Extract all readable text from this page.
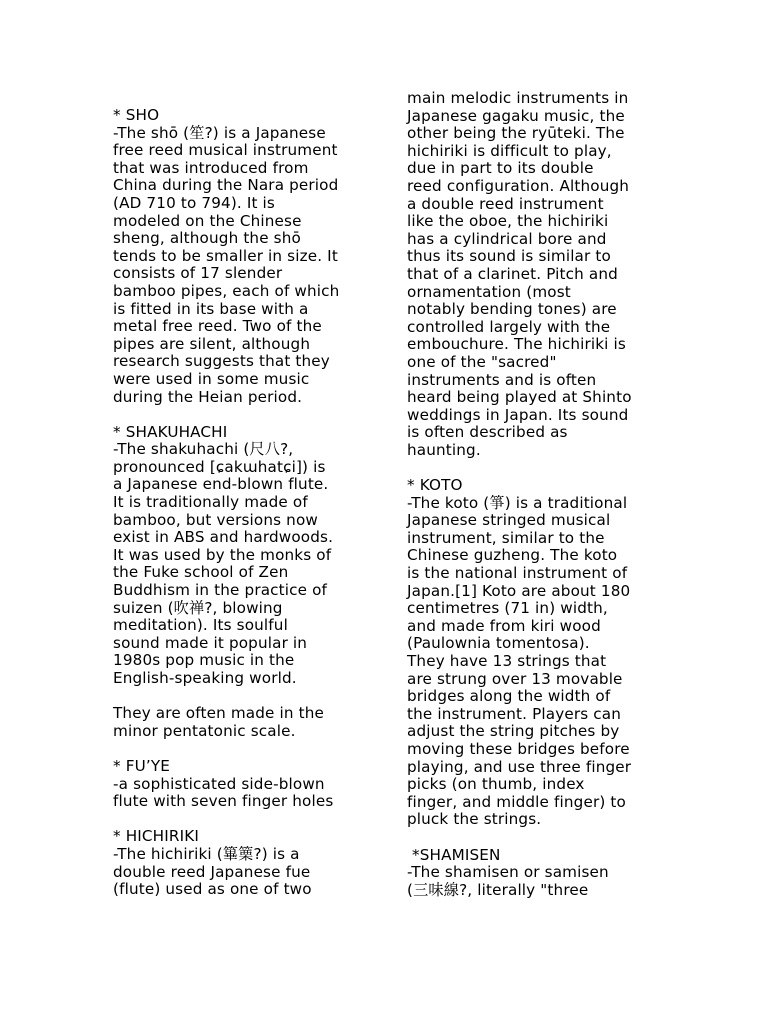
* SHO
-The shō (笙?) is a Japanese
free reed musical instrument
that was introduced from
China during the Nara period
(AD 710 to 794). It is
modeled on the Chinese
sheng, although the shō
tends to be smaller in size. It
consists of 17 slender
bamboo pipes, each of which
is fitted in its base with a
metal free reed. Two of the
pipes are silent, although
research suggests that they
were used in some music
during the Heian period.
* SHAKUHACHI
-The shakuhachi (尺八?,
pronounced [ɕakɯhatɕi]) is
a Japanese end-blown flute.
It is traditionally made of
bamboo, but versions now
exist in ABS and hardwoods.
It was used by the monks of
the Fuke school of Zen
Buddhism in the practice of
suizen (吹禅?, blowing
meditation). Its soulful
sound made it popular in
1980s pop music in the
English-speaking world.
They are often made in the
minor pentatonic scale.
* FU’YE
-a sophisticated side-blown
flute with seven finger holes
* HICHIRIKI
-The hichiriki (篳篥?) is a
double reed Japanese fue
(flute) used as one of two
main melodic instruments in
Japanese gagaku music, the
other being the ryūteki. The
hichiriki is difficult to play,
due in part to its double
reed configuration. Although
a double reed instrument
like the oboe, the hichiriki
has a cylindrical bore and
thus its sound is similar to
that of a clarinet. Pitch and
ornamentation (most
notably bending tones) are
controlled largely with the
embouchure. The hichiriki is
one of the "sacred"
instruments and is often
heard being played at Shinto
weddings in Japan. Its sound
is often described as
haunting.
* KOTO
-The koto (箏) is a traditional
Japanese stringed musical
instrument, similar to the
Chinese guzheng. The koto
is the national instrument of
Japan.[1] Koto are about 180
centimetres (71 in) width,
and made from kiri wood
(Paulownia tomentosa).
They have 13 strings that
are strung over 13 movable
bridges along the width of
the instrument. Players can
adjust the string pitches by
moving these bridges before
playing, and use three finger
picks (on thumb, index
finger, and middle finger) to
pluck the strings.
*SHAMISEN
-The shamisen or samisen
(三味線?, literally "three
